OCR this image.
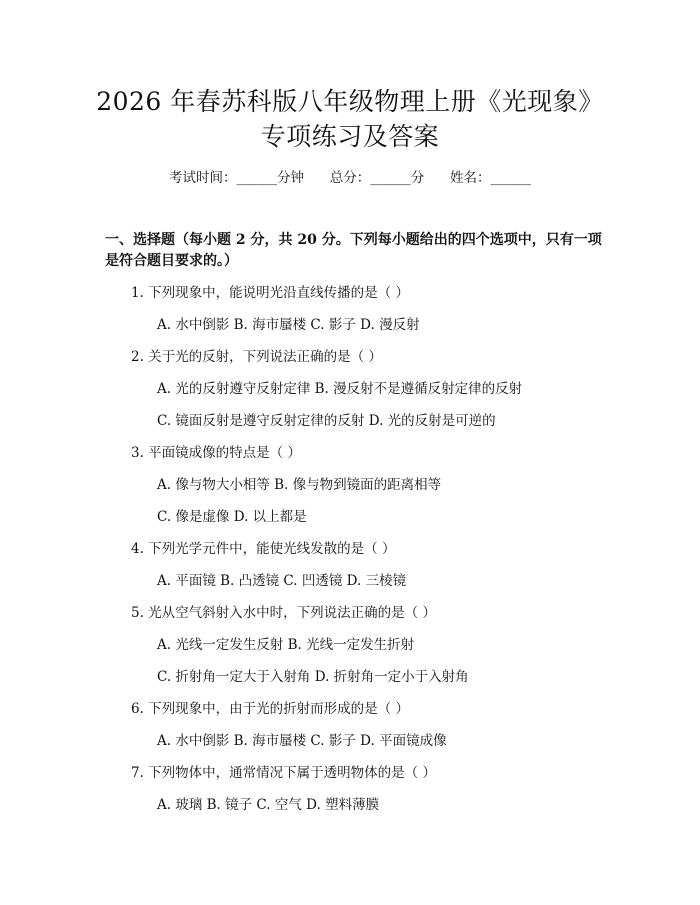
2026 年春苏科版八年级物理上册《光现象》
专项练习及答案
考试时间：______分钟      总分：______分      姓名：______
一、选择题（每小题 2 分，共 20 分。下列每小题给出的四个选项中，只有一项是符合题目要求的。）
1. 下列现象中，能说明光沿直线传播的是（ ）
A. 水中倒影 B. 海市蜃楼 C. 影子 D. 漫反射
2. 关于光的反射，下列说法正确的是（ ）
A. 光的反射遵守反射定律 B. 漫反射不是遵循反射定律的反射
C. 镜面反射是遵守反射定律的反射 D. 光的反射是可逆的
3. 平面镜成像的特点是（ ）
A. 像与物大小相等 B. 像与物到镜面的距离相等
C. 像是虚像 D. 以上都是
4. 下列光学元件中，能使光线发散的是（ ）
A. 平面镜 B. 凸透镜 C. 凹透镜 D. 三棱镜
5. 光从空气斜射入水中时，下列说法正确的是（ ）
A. 光线一定发生反射 B. 光线一定发生折射
C. 折射角一定大于入射角 D. 折射角一定小于入射角
6. 下列现象中，由于光的折射而形成的是（ ）
A. 水中倒影 B. 海市蜃楼 C. 影子 D. 平面镜成像
7. 下列物体中，通常情况下属于透明物体的是（ ）
A. 玻璃 B. 镜子 C. 空气 D. 塑料薄膜
